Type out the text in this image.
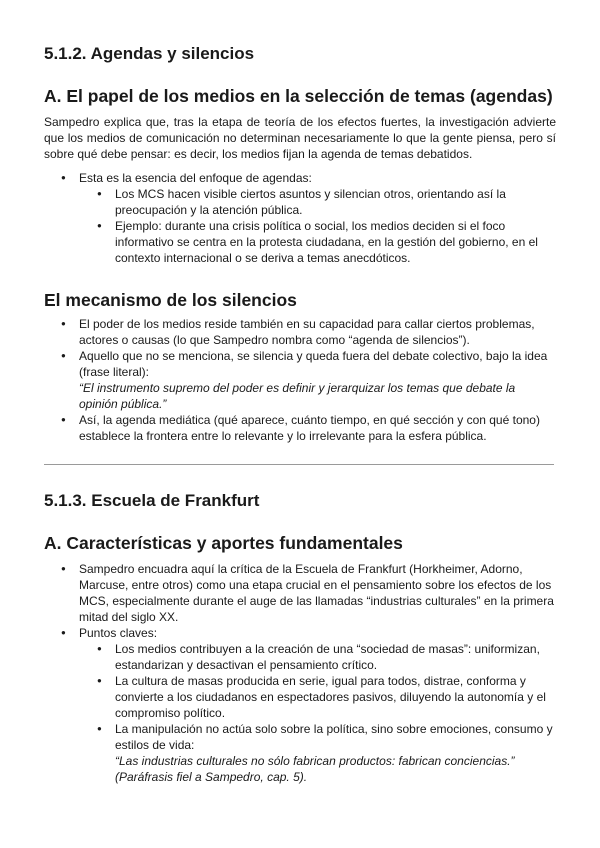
5.1.2. Agendas y silencios
A. El papel de los medios en la selección de temas (agendas)

Sampedro explica que, tras la etapa de teoría de los efectos fuertes, la investigación advierte que los medios de comunicación no determinan necesariamente lo que la gente piensa, pero sí sobre qué debe pensar: es decir, los medios fijan la agenda de temas debatidos.

● Esta es la esencia del enfoque de agendas:
● Los MCS hacen visible ciertos asuntos y silencian otros, orientando así la preocupación y la atención pública.
● Ejemplo: durante una crisis política o social, los medios deciden si el foco informativo se centra en la protesta ciudadana, en la gestión del gobierno, en el contexto internacional o se deriva a temas anecdóticos.
El mecanismo de los silencios
● El poder de los medios reside también en su capacidad para callar ciertos problemas, actores o causas (lo que Sampedro nombra como “agenda de silencios”).
● Aquello que no se menciona, se silencia y queda fuera del debate colectivo, bajo la idea (frase literal):
“El instrumento supremo del poder es definir y jerarquizar los temas que debate la opinión pública.”
● Así, la agenda mediática (qué aparece, cuánto tiempo, en qué sección y con qué tono) establece la frontera entre lo relevante y lo irrelevante para la esfera pública.
5.1.3. Escuela de Frankfurt
A. Características y aportes fundamentales
● Sampedro encuadra aquí la crítica de la Escuela de Frankfurt (Horkheimer, Adorno, Marcuse, entre otros) como una etapa crucial en el pensamiento sobre los efectos de los MCS, especialmente durante el auge de las llamadas “industrias culturales” en la primera mitad del siglo XX.
● Puntos claves:
● Los medios contribuyen a la creación de una “sociedad de masas”: uniformizan, estandarizan y desactivan el pensamiento crítico.
● La cultura de masas producida en serie, igual para todos, distrae, conforma y convierte a los ciudadanos en espectadores pasivos, diluyendo la autonomía y el compromiso político.
● La manipulación no actúa solo sobre la política, sino sobre emociones, consumo y estilos de vida:
“Las industrias culturales no sólo fabrican productos: fabrican conciencias.”
(Paráfrasis fiel a Sampedro, cap. 5).
